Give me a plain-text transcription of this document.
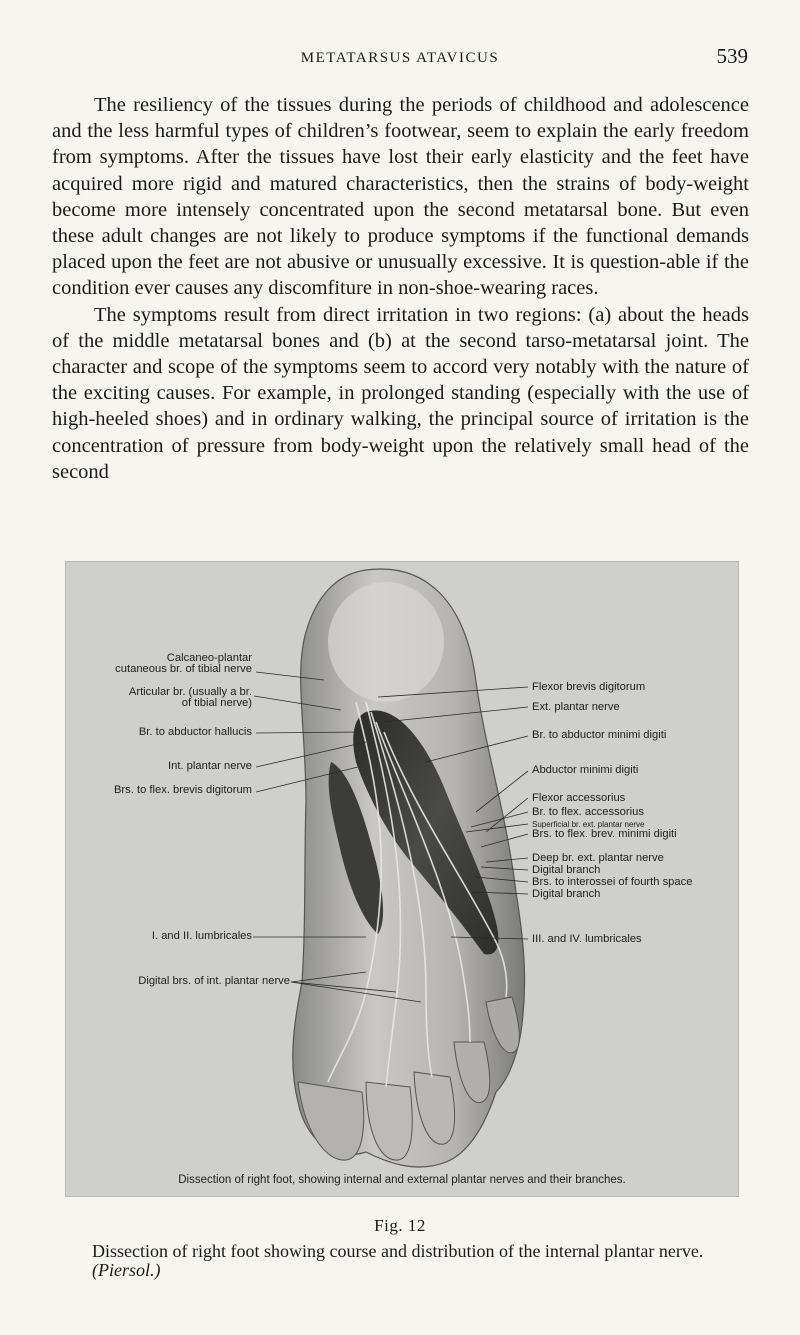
METATARSUS ATAVICUS	539

The resiliency of the tissues during the periods of childhood and adolescence and the less harmful types of children’s footwear, seem to explain the early freedom from symptoms. After the tissues have lost their early elasticity and the feet have acquired more rigid and matured characteristics, then the strains of body-weight become more intensely concentrated upon the second metatarsal bone. But even these adult changes are not likely to produce symptoms if the functional demands placed upon the feet are not abusive or unusually excessive. It is question-able if the condition ever causes any discomfiture in non-shoe-wearing races.

The symptoms result from direct irritation in two regions: (a) about the heads of the middle metatarsal bones and (b) at the second tarso-metatarsal joint. The character and scope of the symptoms seem to accord very notably with the nature of the exciting causes. For example, in prolonged standing (especially with the use of high-heeled shoes) and in ordinary walking, the principal source of irritation is the concentration of pressure from body-weight upon the relatively small head of the second

Calcaneo-plantar
cutaneous br. of tibial nerve
Articular br. (usually a br.
of tibial nerve)
Br. to abductor hallucis
Int. plantar nerve
Brs. to flex. brevis digitorum
I. and II. lumbricales
Digital brs. of int. plantar nerve
Flexor brevis digitorum
Ext. plantar nerve
Br. to abductor minimi digiti
Abductor minimi digiti
Flexor accessorius
Br. to flex. accessorius
Superficial br. ext. plantar nerve
Brs. to flex. brev. minimi digiti
Deep br. ext. plantar nerve
Digital branch
Brs. to interossei of fourth space
Digital branch
III. and IV. lumbricales
Dissection of right foot, showing internal and external plantar nerves and their branches.
Fig. 12
Dissection of right foot showing course and distribution of the internal plantar nerve. (Piersol.)
